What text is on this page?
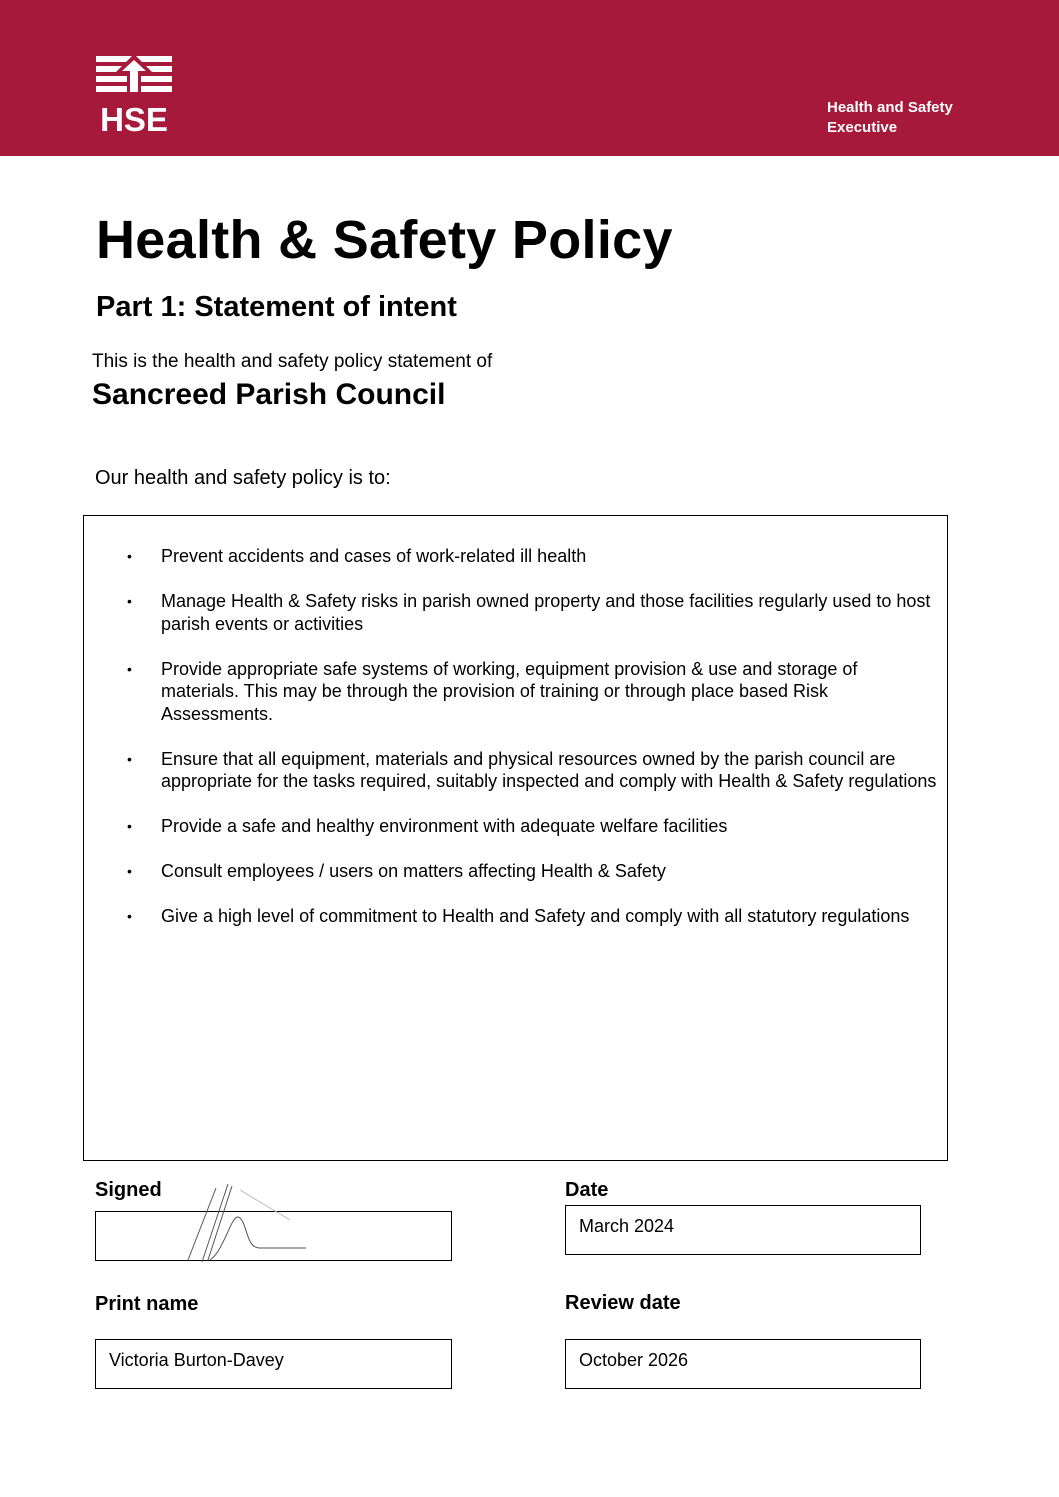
HSE	Health and Safety
Executive
Health & Safety Policy
Part 1: Statement of intent
This is the health and safety policy statement of
Sancreed Parish Council
Our health and safety policy is to:
• Prevent accidents and cases of work-related ill health
• Manage Health & Safety risks in parish owned property and those facilities regularly used to host parish events or activities
• Provide appropriate safe systems of working, equipment provision & use and storage of materials. This may be through the provision of training or through place based Risk Assessments.
• Ensure that all equipment, materials and physical resources owned by the parish council are appropriate for the tasks required, suitably inspected and comply with Health & Safety regulations
• Provide a safe and healthy environment with adequate welfare facilities
• Consult employees / users on matters affecting Health & Safety
• Give a high level of commitment to Health and Safety and comply with all statutory regulations
Signed	Date
March 2024
Print name
Victoria Burton-Davey
Review date
October 2026
